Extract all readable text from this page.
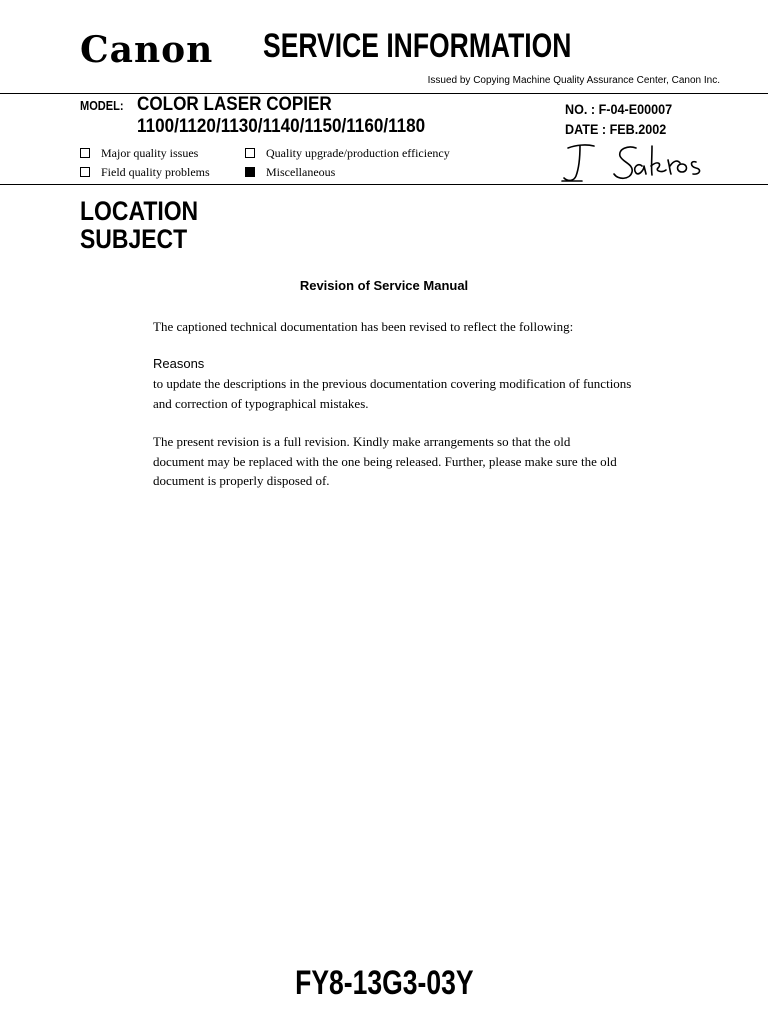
Canon SERVICE INFORMATION
Issued by Copying Machine Quality Assurance Center, Canon Inc.
MODEL: COLOR LASER COPIER
1100/1120/1130/1140/1150/1160/1180
NO. : F-04-E00007
DATE : FEB.2002
Major quality issues	Quality upgrade/production efficiency
Field quality problems	Miscellaneous
LOCATION
SUBJECT
Revision of Service Manual
The captioned technical documentation has been revised to reflect the following:
Reasons
to update the descriptions in the previous documentation covering modification of functions and correction of typographical mistakes.
The present revision is a full revision. Kindly make arrangements so that the old document may be replaced with the one being released. Further, please make sure the old document is properly disposed of.
FY8-13G3-03Y
